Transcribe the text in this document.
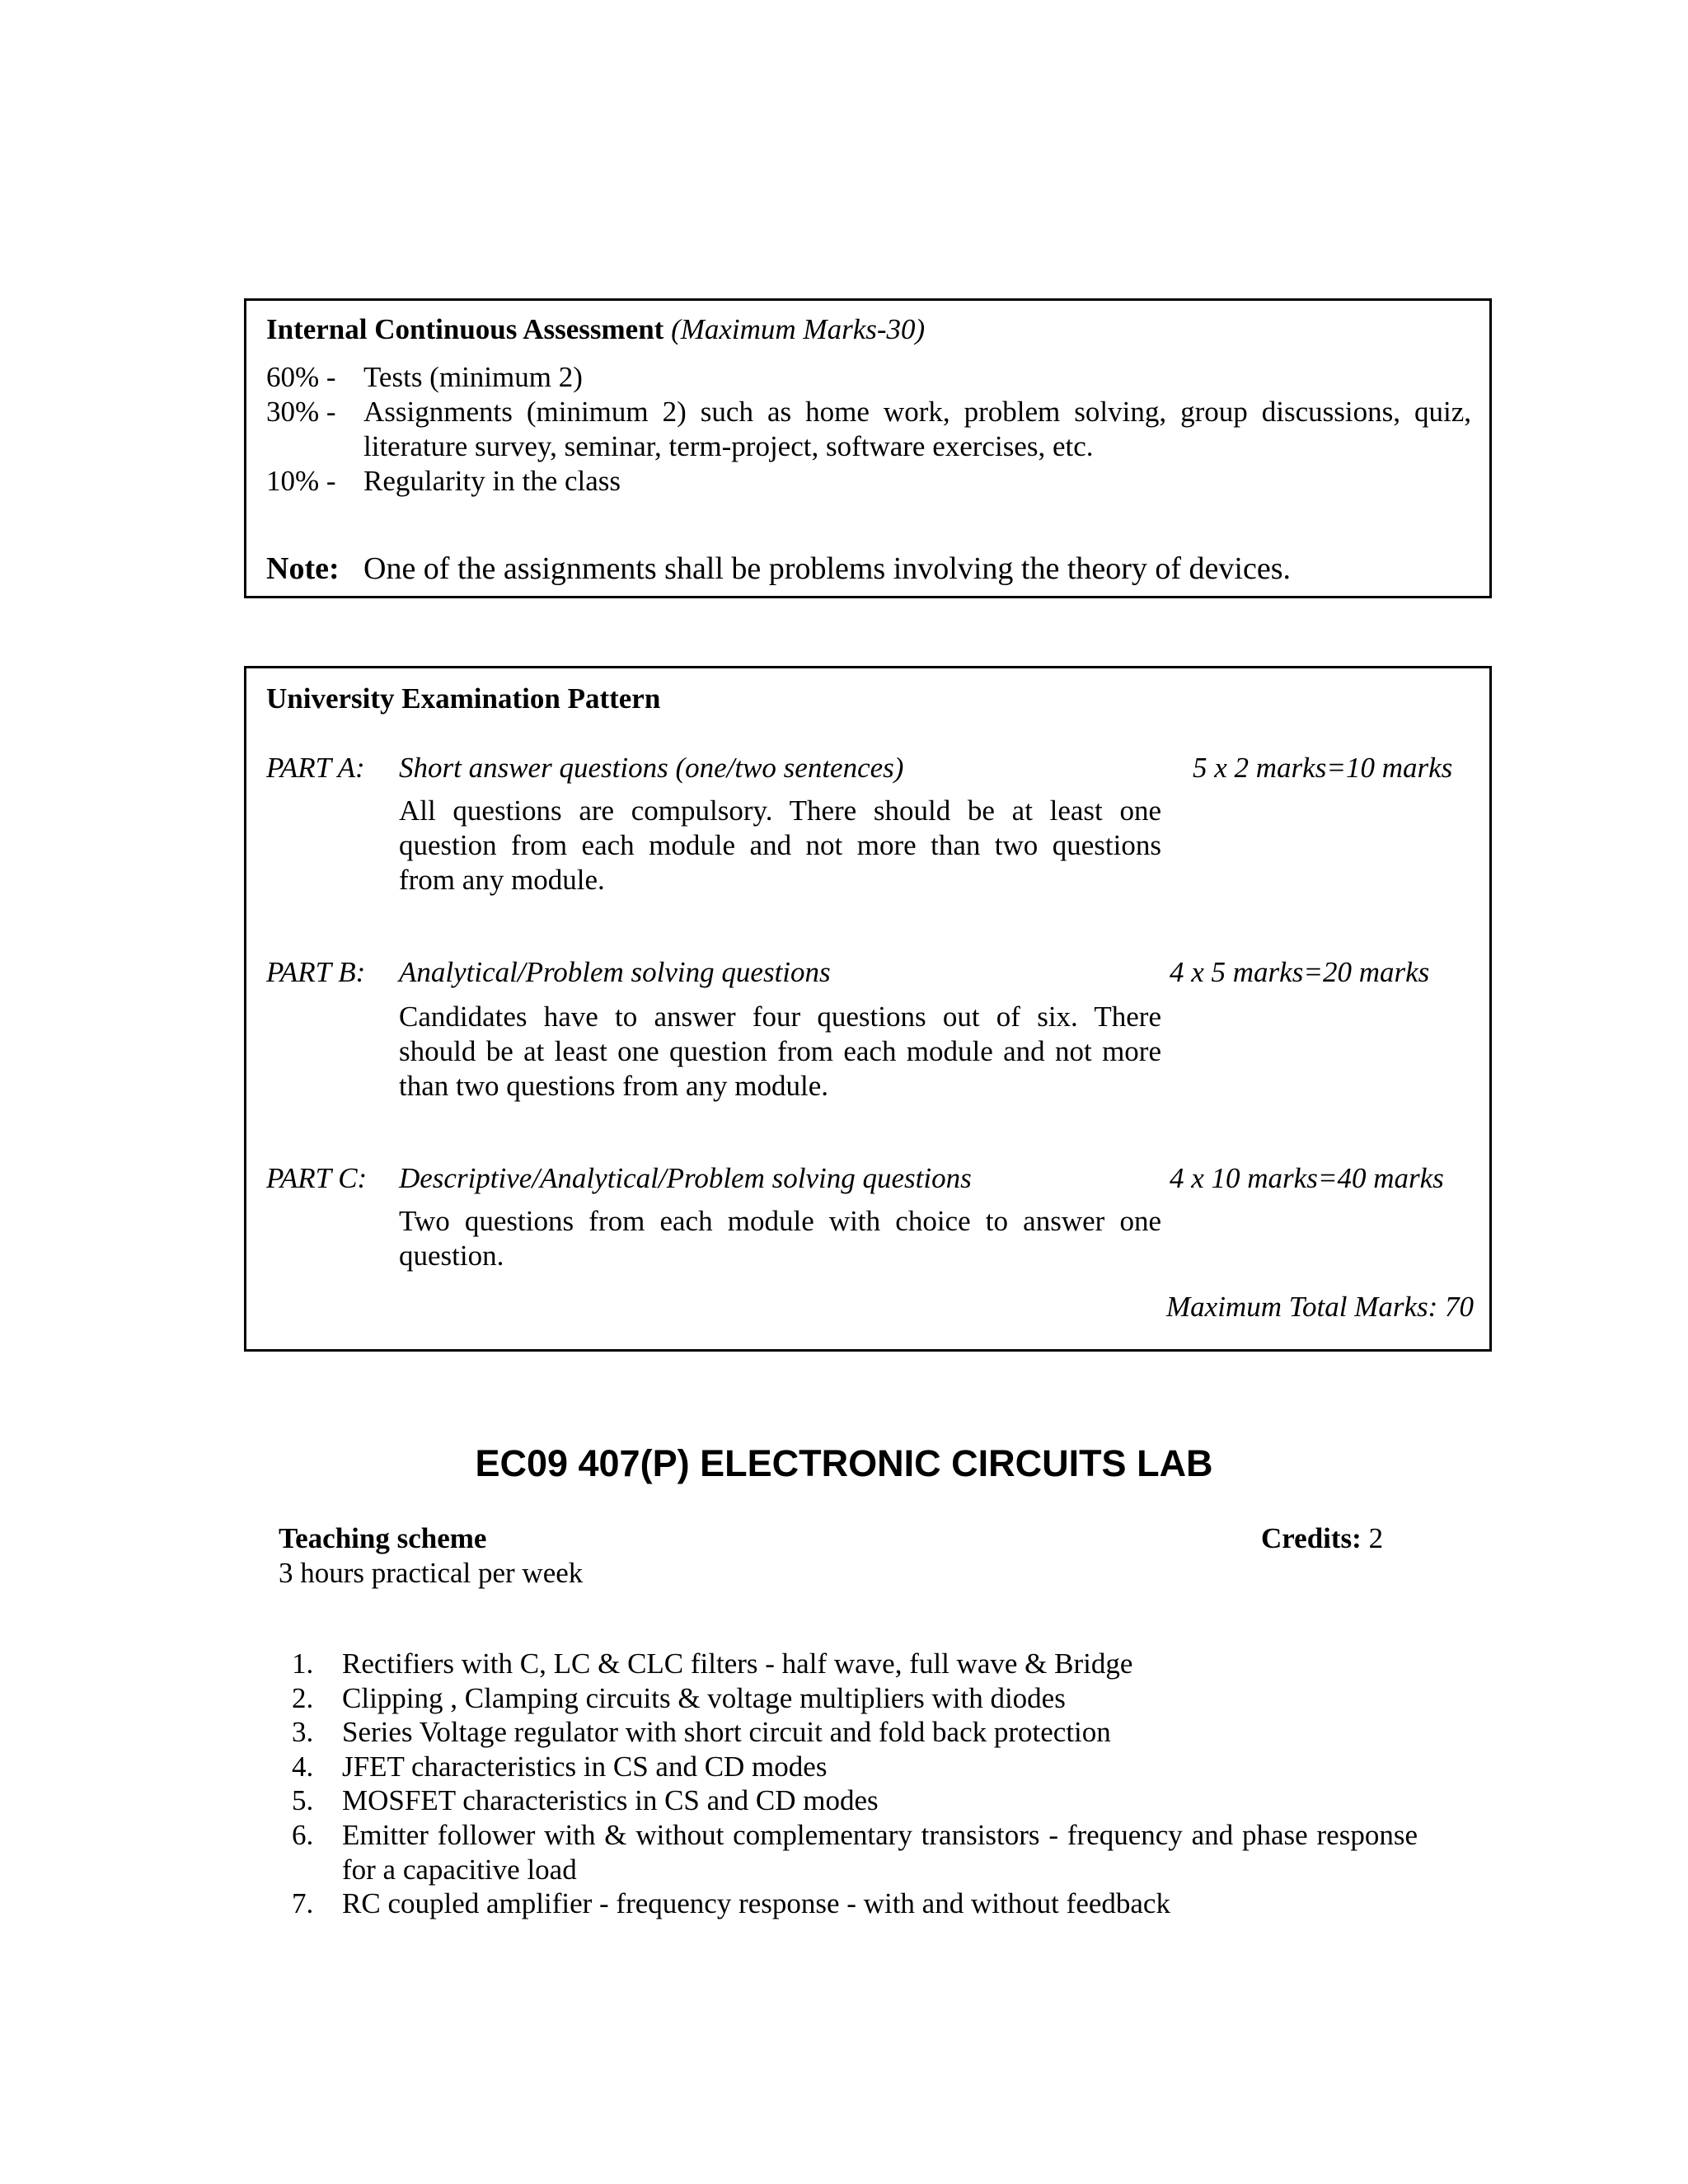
Internal Continuous Assessment (Maximum Marks-30)
60% - Tests (minimum 2)
30% - Assignments (minimum 2) such as home work, problem solving, group discussions, quiz,
literature survey, seminar, term-project, software exercises, etc.
10% - Regularity in the class
Note: One of the assignments shall be problems involving the theory of devices.
University Examination Pattern
PART A: Short answer questions (one/two sentences)	5 x 2 marks=10 marks
All questions are compulsory. There should be at least one
question from each module and not more than two questions
from any module.
PART B: Analytical/Problem solving questions	4 x 5 marks=20 marks
Candidates have to answer four questions out of six. There
should be at least one question from each module and not more
than two questions from any module.
PART C: Descriptive/Analytical/Problem solving questions	4 x 10 marks=40 marks
Two questions from each module with choice to answer one
question.
Maximum Total Marks: 70
EC09 407(P) ELECTRONIC CIRCUITS LAB
Teaching scheme
3 hours practical per week
Credits: 2
1. Rectifiers with C, LC & CLC filters - half wave, full wave & Bridge
2. Clipping , Clamping circuits & voltage multipliers with diodes
3. Series Voltage regulator with short circuit and fold back protection
4. JFET characteristics in CS and CD modes
5. MOSFET characteristics in CS and CD modes
6. Emitter follower with & without complementary transistors - frequency and phase response for a capacitive load
7. RC coupled amplifier - frequency response - with and without feedback
